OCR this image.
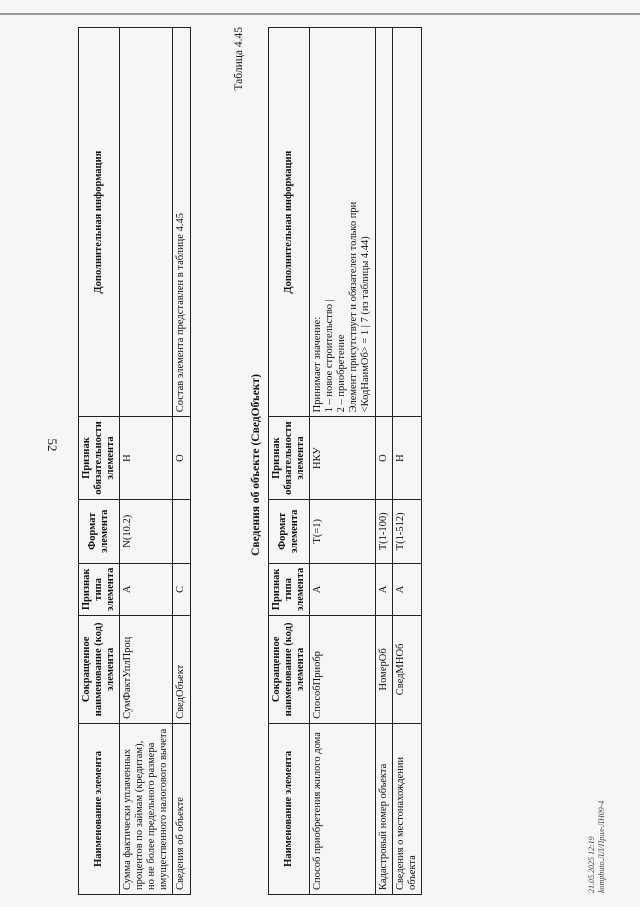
52
Наименование элемента	Сокращенное наименование (код) элемента	Признак типа элемента	Формат элемента	Признак обязательности элемента	Дополнительная информация
Сумма фактически уплаченных процентов по займам (кредитам), но не более предельного размера имущественного налогового вычета	СумФактУплПроц	А	N(10.2)	Н	
Сведения об объекте	СведОбъект	С		О	Состав элемента представлен в таблице 4.45
Таблица 4.45
Сведения об объекте (СведОбъект)
Наименование элемента	Сокращенное наименование (код) элемента	Признак типа элемента	Формат элемента	Признак обязательности элемента	Дополнительная информация
Способ приобретения жилого дома	СпособПриобр	А	T(=1)	НКУ	Принимает значение: 1 – новое строительство | 2 – приобретение Элемент присутствует и обязателен только при <КодНаимОб> = 1 | 7 (из таблицы 4.44)

Кадастровый номер объекта	НомерОб	А	T(1-100)	О	
Сведения о местонахождении объекта	СведМНОб	А	T(1-512)	Н	
21.05.2025 12:19 kompbuto.ЛЛ/Прил-ЛН09-4
